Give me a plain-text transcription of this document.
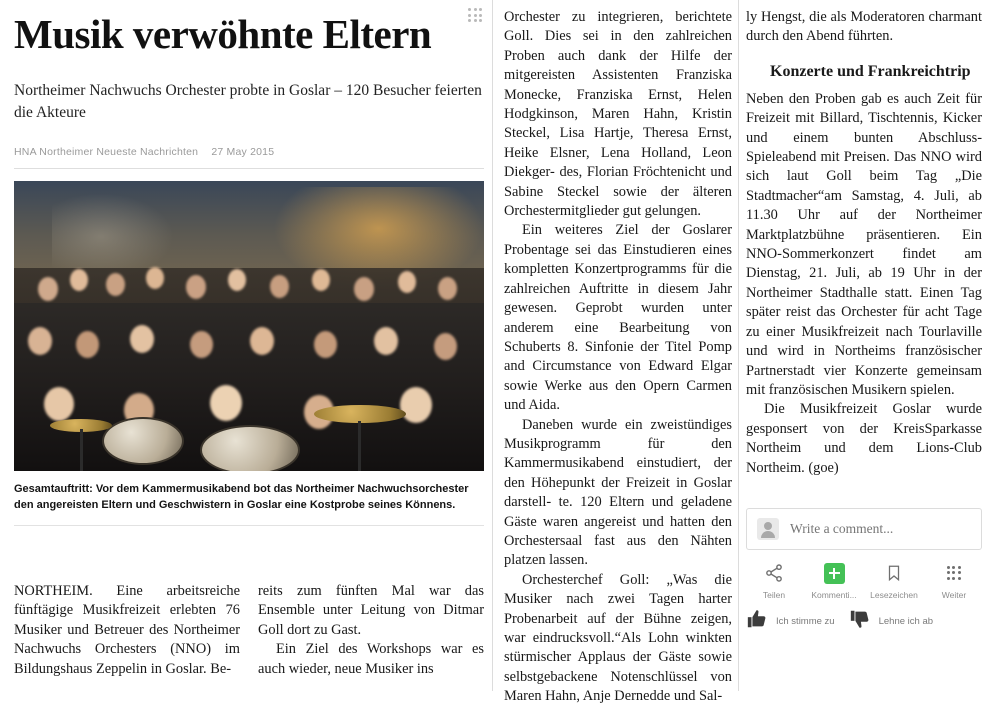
Musik verwöhnte Eltern
Northeimer Nachwuchs Orchester probte in Goslar – 120 Besucher feierten die Akteure
HNA Northeimer Neueste Nachrichten 27 May 2015
Gesamtauftritt: Vor dem Kammermusikabend bot das Northeimer Nachwuchsorchester den angereisten Eltern und Geschwistern in Goslar eine Kostprobe seines Könnens.

NORTHEIM. Eine arbeitsreiche fünftägige Musikfreizeit erlebten 76 Musiker und Betreuer des Northeimer Nachwuchs Orchesters (NNO) im Bildungshaus Zeppelin in Goslar. Be-

reits zum fünften Mal war das Ensemble unter Leitung von Ditmar Goll dort zu Gast.

Ein Ziel des Workshops war es auch wieder, neue Musiker ins

Orchester zu integrieren, berichtete Goll. Dies sei in den zahlreichen Proben auch dank der Hilfe der mitgereisten Assistenten Franziska Monecke, Franziska Ernst, Helen Hodgkinson, Maren Hahn, Kristin Steckel, Lisa Hartje, Theresa Ernst, Heike Elsner, Lena Holland, Leon Diekger- des, Florian Fröchtenicht und Sabine Steckel sowie der älteren Orchestermitglieder gut gelungen.

Ein weiteres Ziel der Goslarer Probentage sei das Einstudieren eines kompletten Konzertprogramms für die zahlreichen Auftritte in diesem Jahr gewesen. Geprobt wurden unter anderem eine Bearbeitung von Schuberts 8. Sinfonie der Titel Pomp and Circumstance von Edward Elgar sowie Werke aus den Opern Carmen und Aida.

Daneben wurde ein zweistündiges Musikprogramm für den Kammermusikabend einstudiert, der den Höhepunkt der Freizeit in Goslar darstell- te. 120 Eltern und geladene Gäste waren angereist und hatten den Orchestersaal fast aus den Nähten platzen lassen.

Orchesterchef Goll: „Was die Musiker nach zwei Tagen harter Probenarbeit auf der Bühne zeigen, war eindrucksvoll.“Als Lohn winkten stürmischer Applaus der Gäste sowie selbstgebackene Notenschlüssel von Maren Hahn, Anje Dernedde und Sal-

ly Hengst, die als Moderatoren charmant durch den Abend führten.

Konzerte und Frankreichtrip

Neben den Proben gab es auch Zeit für Freizeit mit Billard, Tischtennis, Kicker und einem bunten Abschluss-Spieleabend mit Preisen. Das NNO wird sich laut Goll beim Tag „Die Stadtmacher“am Samstag, 4. Juli, ab 11.30 Uhr auf der Northeimer Marktplatzbühne präsentieren. Ein NNO-Sommerkonzert findet am Dienstag, 21. Juli, ab 19 Uhr in der Northeimer Stadthalle statt. Einen Tag später reist das Orchester für acht Tage zu einer Musikfreizeit nach Tourlaville und wird in Northeims französischer Partnerstadt vier Konzerte gemeinsam mit französischen Musikern spielen.

Die Musikfreizeit Goslar wurde gesponsert von der KreisSparkasse Northeim und dem Lions-Club Northeim. (goe)

Write a comment...
Teilen	Kommenti...	Lesezeichen	Weiter
Ich stimme zu	Lehne ich ab
